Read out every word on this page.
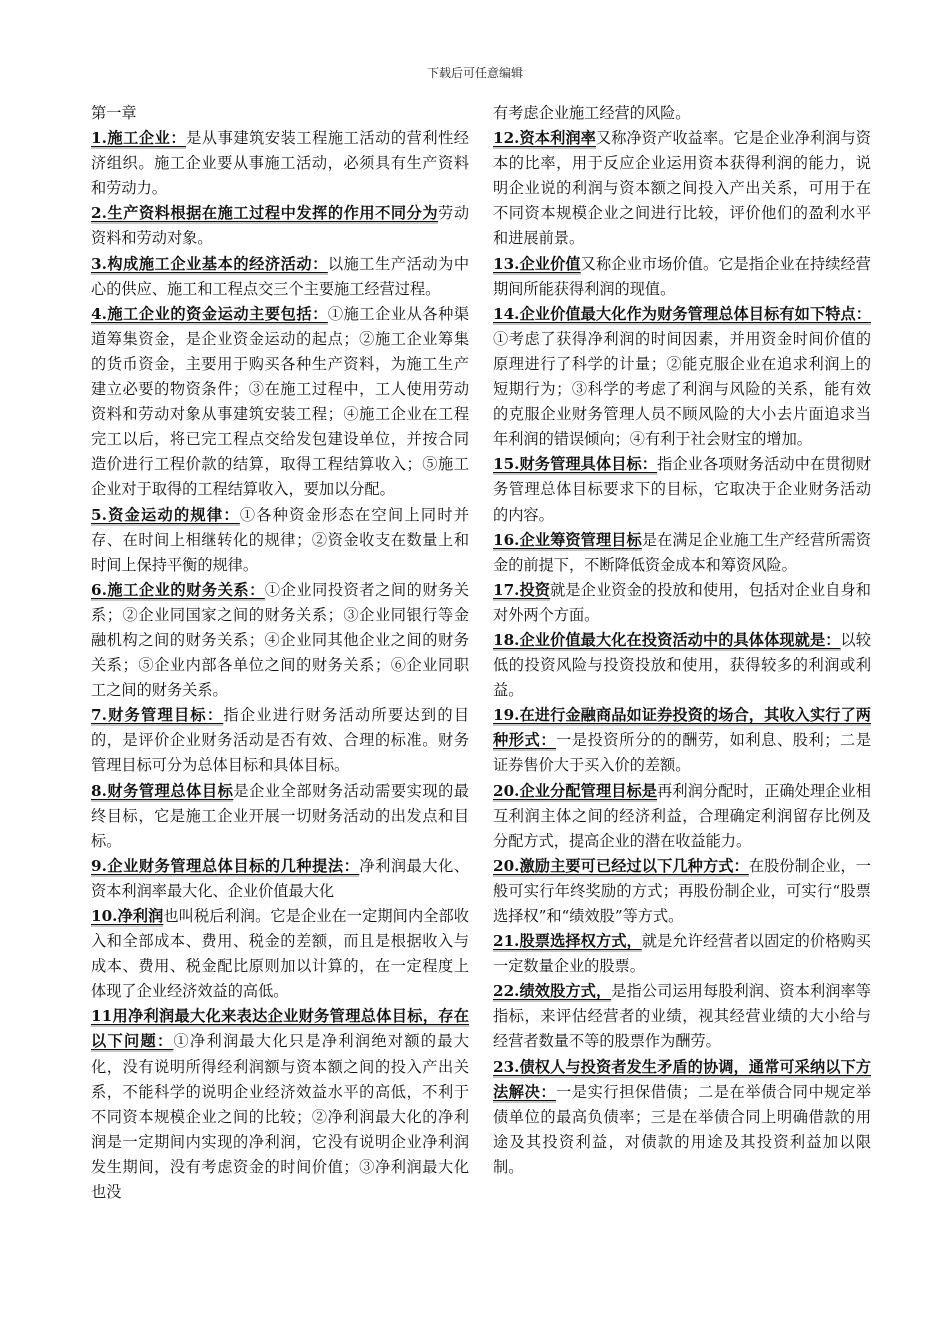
下载后可任意编辑

第一章

1.施工企业：是从事建筑安装工程施工活动的营利性经济组织。施工企业要从事施工活动，必须具有生产资料和劳动力。

2.生产资料根据在施工过程中发挥的作用不同分为劳动资料和劳动对象。

3.构成施工企业基本的经济活动：以施工生产活动为中心的供应、施工和工程点交三个主要施工经营过程。

4.施工企业的资金运动主要包括：①施工企业从各种渠道筹集资金，是企业资金运动的起点；②施工企业筹集的货币资金，主要用于购买各种生产资料，为施工生产建立必要的物资条件；③在施工过程中，工人使用劳动资料和劳动对象从事建筑安装工程；④施工企业在工程完工以后，将已完工程点交给发包建设单位，并按合同造价进行工程价款的结算，取得工程结算收入；⑤施工企业对于取得的工程结算收入，要加以分配。

5.资金运动的规律：①各种资金形态在空间上同时并存、在时间上相继转化的规律；②资金收支在数量上和时间上保持平衡的规律。

6.施工企业的财务关系：①企业同投资者之间的财务关系；②企业同国家之间的财务关系；③企业同银行等金融机构之间的财务关系；④企业同其他企业之间的财务关系；⑤企业内部各单位之间的财务关系；⑥企业同职工之间的财务关系。

7.财务管理目标：指企业进行财务活动所要达到的目的，是评价企业财务活动是否有效、合理的标准。财务管理目标可分为总体目标和具体目标。

8.财务管理总体目标是企业全部财务活动需要实现的最终目标，它是施工企业开展一切财务活动的出发点和目标。

9.企业财务管理总体目标的几种提法：净利润最大化、资本利润率最大化、企业价值最大化

10.净利润也叫税后利润。它是企业在一定期间内全部收入和全部成本、费用、税金的差额，而且是根据收入与成本、费用、税金配比原则加以计算的，在一定程度上体现了企业经济效益的高低。

11用净利润最大化来表达企业财务管理总体目标，存在以下问题：①净利润最大化只是净利润绝对额的最大化，没有说明所得经利润额与资本额之间的投入产出关系，不能科学的说明企业经济效益水平的高低，不利于不同资本规模企业之间的比较；②净利润最大化的净利润是一定期间内实现的净利润，它没有说明企业净利润发生期间，没有考虑资金的时间价值；③净利润最大化也没

有考虑企业施工经营的风险。

12.资本利润率又称净资产收益率。它是企业净利润与资本的比率，用于反应企业运用资本获得利润的能力，说明企业说的利润与资本额之间投入产出关系，可用于在不同资本规模企业之间进行比较，评价他们的盈利水平和进展前景。

13.企业价值又称企业市场价值。它是指企业在持续经营期间所能获得利润的现值。

14.企业价值最大化作为财务管理总体目标有如下特点：①考虑了获得净利润的时间因素，并用资金时间价值的原理进行了科学的计量；②能克服企业在追求利润上的短期行为；③科学的考虑了利润与风险的关系，能有效的克服企业财务管理人员不顾风险的大小去片面追求当年利润的错误倾向；④有利于社会财宝的增加。

15.财务管理具体目标：指企业各项财务活动中在贯彻财务管理总体目标要求下的目标，它取决于企业财务活动的内容。

16.企业筹资管理目标是在满足企业施工生产经营所需资金的前提下，不断降低资金成本和筹资风险。

17.投资就是企业资金的投放和使用，包括对企业自身和对外两个方面。

18.企业价值最大化在投资活动中的具体体现就是：以较低的投资风险与投资投放和使用，获得较多的利润或利益。

19.在进行金融商品如证券投资的场合，其收入实行了两种形式：一是投资所分的的酬劳，如利息、股利；二是证券售价大于买入价的差额。

20.企业分配管理目标是再利润分配时，正确处理企业相互利润主体之间的经济利益，合理确定利润留存比例及分配方式，提高企业的潜在收益能力。

20.激励主要可已经过以下几种方式：在股份制企业，一般可实行年终奖励的方式；再股份制企业，可实行“股票选择权”和“绩效股”等方式。

21.股票选择权方式，就是允许经营者以固定的价格购买一定数量企业的股票。

22.绩效股方式，是指公司运用每股利润、资本利润率等指标，来评估经营者的业绩，视其经营业绩的大小给与经营者数量不等的股票作为酬劳。

23.债权人与投资者发生矛盾的协调，通常可采纳以下方法解决：一是实行担保借债；二是在举债合同中规定举债单位的最高负债率；三是在举债合同上明确借款的用途及其投资利益，对债款的用途及其投资利益加以限制。
